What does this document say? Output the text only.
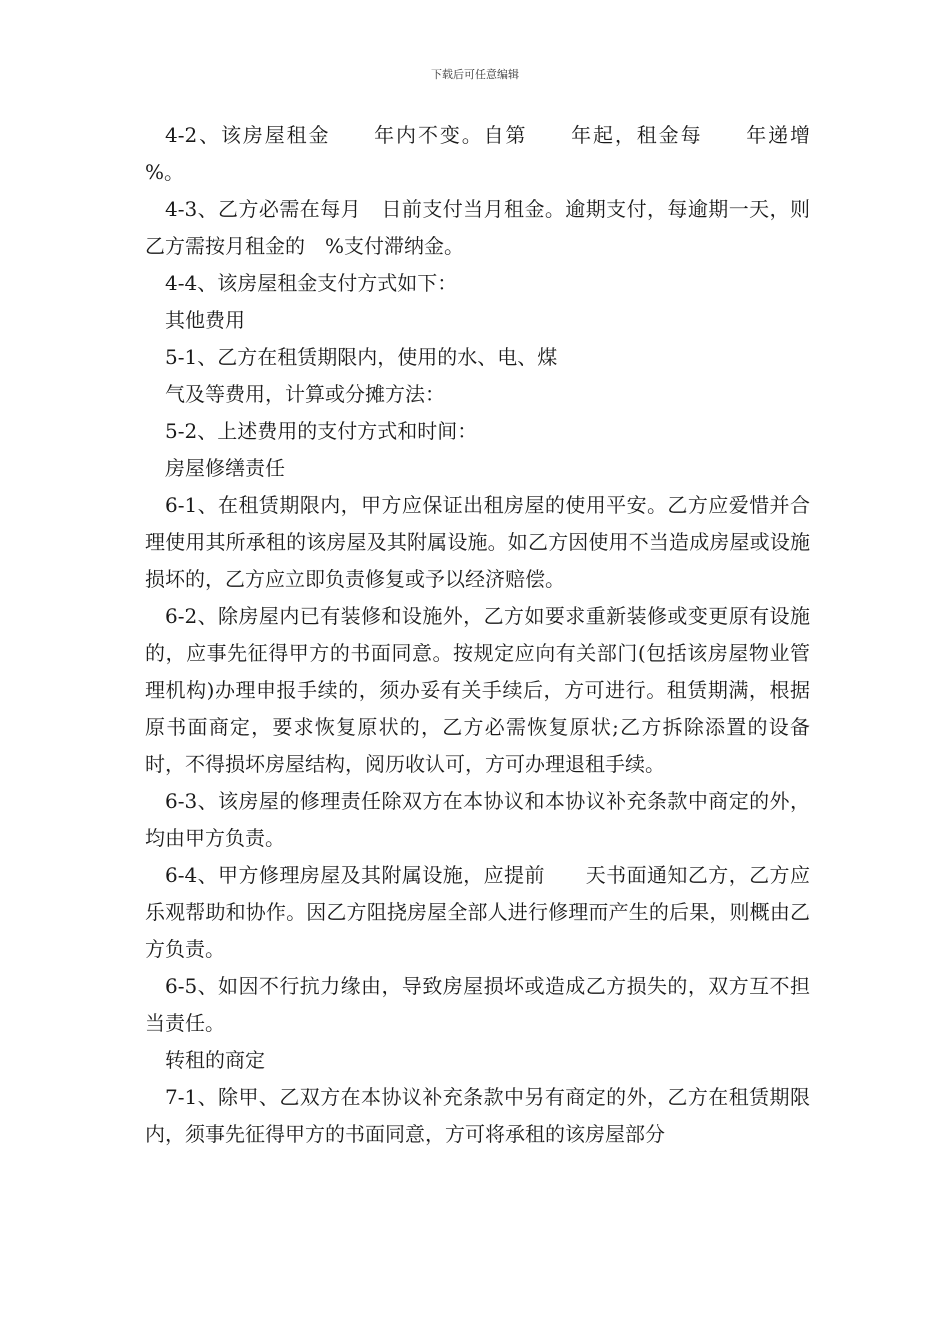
下载后可任意编辑

4-2、该房屋租金　　年内不变。自第　　年起，租金每　　年递增　　%。

4-3、乙方必需在每月　日前支付当月租金。逾期支付，每逾期一天，则乙方需按月租金的　%支付滞纳金。

4-4、该房屋租金支付方式如下：

其他费用

5-1、乙方在租赁期限内，使用的水、电、煤

气及等费用，计算或分摊方法：

5-2、上述费用的支付方式和时间：

房屋修缮责任

6-1、在租赁期限内，甲方应保证出租房屋的使用平安。乙方应爱惜并合理使用其所承租的该房屋及其附属设施。如乙方因使用不当造成房屋或设施损坏的，乙方应立即负责修复或予以经济赔偿。

6-2、除房屋内已有装修和设施外，乙方如要求重新装修或变更原有设施的，应事先征得甲方的书面同意。按规定应向有关部门(包括该房屋物业管理机构)办理申报手续的，须办妥有关手续后，方可进行。租赁期满，根据原书面商定，要求恢复原状的，乙方必需恢复原状;乙方拆除添置的设备时，不得损坏房屋结构，阅历收认可，方可办理退租手续。

6-3、该房屋的修理责任除双方在本协议和本协议补充条款中商定的外，均由甲方负责。

6-4、甲方修理房屋及其附属设施，应提前　　天书面通知乙方，乙方应乐观帮助和协作。因乙方阻挠房屋全部人进行修理而产生的后果，则概由乙方负责。

6-5、如因不行抗力缘由，导致房屋损坏或造成乙方损失的，双方互不担当责任。

转租的商定

7-1、除甲、乙双方在本协议补充条款中另有商定的外，乙方在租赁期限内，须事先征得甲方的书面同意，方可将承租的该房屋部分
